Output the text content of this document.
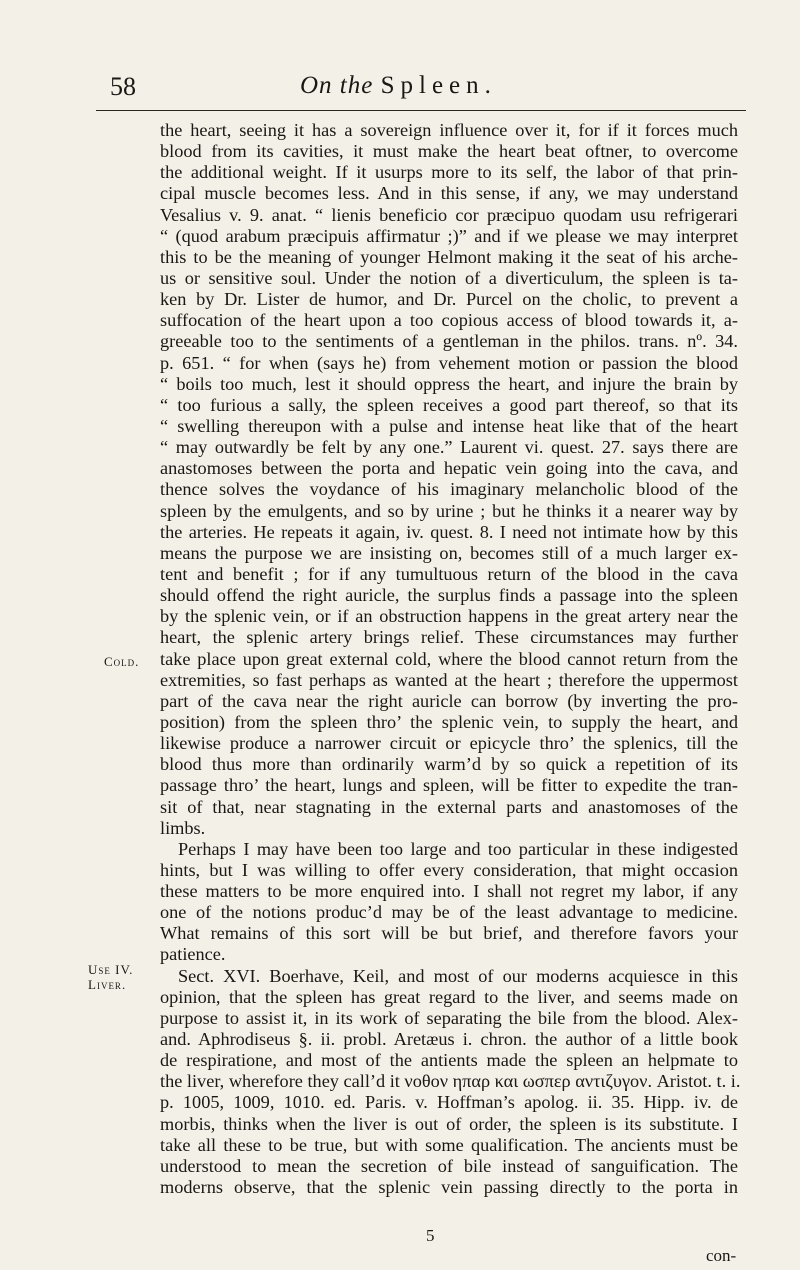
58	On the Spleen.
Cold.
Use IV.
Liver.
the heart, seeing it has a sovereign influence over it, for if it forces much
blood from its cavities, it must make the heart beat oftner, to overcome
the additional weight. If it usurps more to its self, the labor of that prin-
cipal muscle becomes less. And in this sense, if any, we may understand
Vesalius v. 9. anat. “ lienis beneficio cor præcipuo quodam usu refrigerari
“ (quod arabum præcipuis affirmatur ;)” and if we please we may interpret
this to be the meaning of younger Helmont making it the seat of his arche-
us or sensitive soul. Under the notion of a diverticulum, the spleen is ta-
ken by Dr. Lister de humor, and Dr. Purcel on the cholic, to prevent a
suffocation of the heart upon a too copious access of blood towards it, a-
greeable too to the sentiments of a gentleman in the philos. trans. nº. 34.
p. 651. “ for when (says he) from vehement motion or passion the blood
“ boils too much, lest it should oppress the heart, and injure the brain by
“ too furious a sally, the spleen receives a good part thereof, so that its
“ swelling thereupon with a pulse and intense heat like that of the heart
“ may outwardly be felt by any one.” Laurent vi. quest. 27. says there are
anastomoses between the porta and hepatic vein going into the cava, and
thence solves the voydance of his imaginary melancholic blood of the
spleen by the emulgents, and so by urine ; but he thinks it a nearer way by
the arteries. He repeats it again, iv. quest. 8. I need not intimate how by this
means the purpose we are insisting on, becomes still of a much larger ex-
tent and benefit ; for if any tumultuous return of the blood in the cava
should offend the right auricle, the surplus finds a passage into the spleen
by the splenic vein, or if an obstruction happens in the great artery near the
heart, the splenic artery brings relief. These circumstances may further
take place upon great external cold, where the blood cannot return from the
extremities, so fast perhaps as wanted at the heart ; therefore the uppermost
part of the cava near the right auricle can borrow (by inverting the pro-
position) from the spleen thro’ the splenic vein, to supply the heart, and
likewise produce a narrower circuit or epicycle thro’ the splenics, till the
blood thus more than ordinarily warm’d by so quick a repetition of its
passage thro’ the heart, lungs and spleen, will be fitter to expedite the tran-
sit of that, near stagnating in the external parts and anastomoses of the
limbs.
Perhaps I may have been too large and too particular in these indigested
hints, but I was willing to offer every consideration, that might occasion
these matters to be more enquired into. I shall not regret my labor, if any
one of the notions produc’d may be of the least advantage to medicine.
What remains of this sort will be but brief, and therefore favors your
patience.
Sect. XVI. Boerhave, Keil, and most of our moderns acquiesce in this
opinion, that the spleen has great regard to the liver, and seems made on
purpose to assist it, in its work of separating the bile from the blood. Alex-
and. Aphrodiseus §. ii. probl. Aretæus i. chron. the author of a little book
de respiratione, and most of the antients made the spleen an helpmate to
the liver, wherefore they call’d it νοθον ηπαρ και ωσπερ αντιζυγον. Aristot. t. i.
p. 1005, 1009, 1010. ed. Paris. v. Hoffman’s apolog. ii. 35. Hipp. iv. de
morbis, thinks when the liver is out of order, the spleen is its substitute. I
take all these to be true, but with some qualification. The ancients must be
understood to mean the secretion of bile instead of sanguification. The
moderns observe, that the splenic vein passing directly to the porta in
5
con-
